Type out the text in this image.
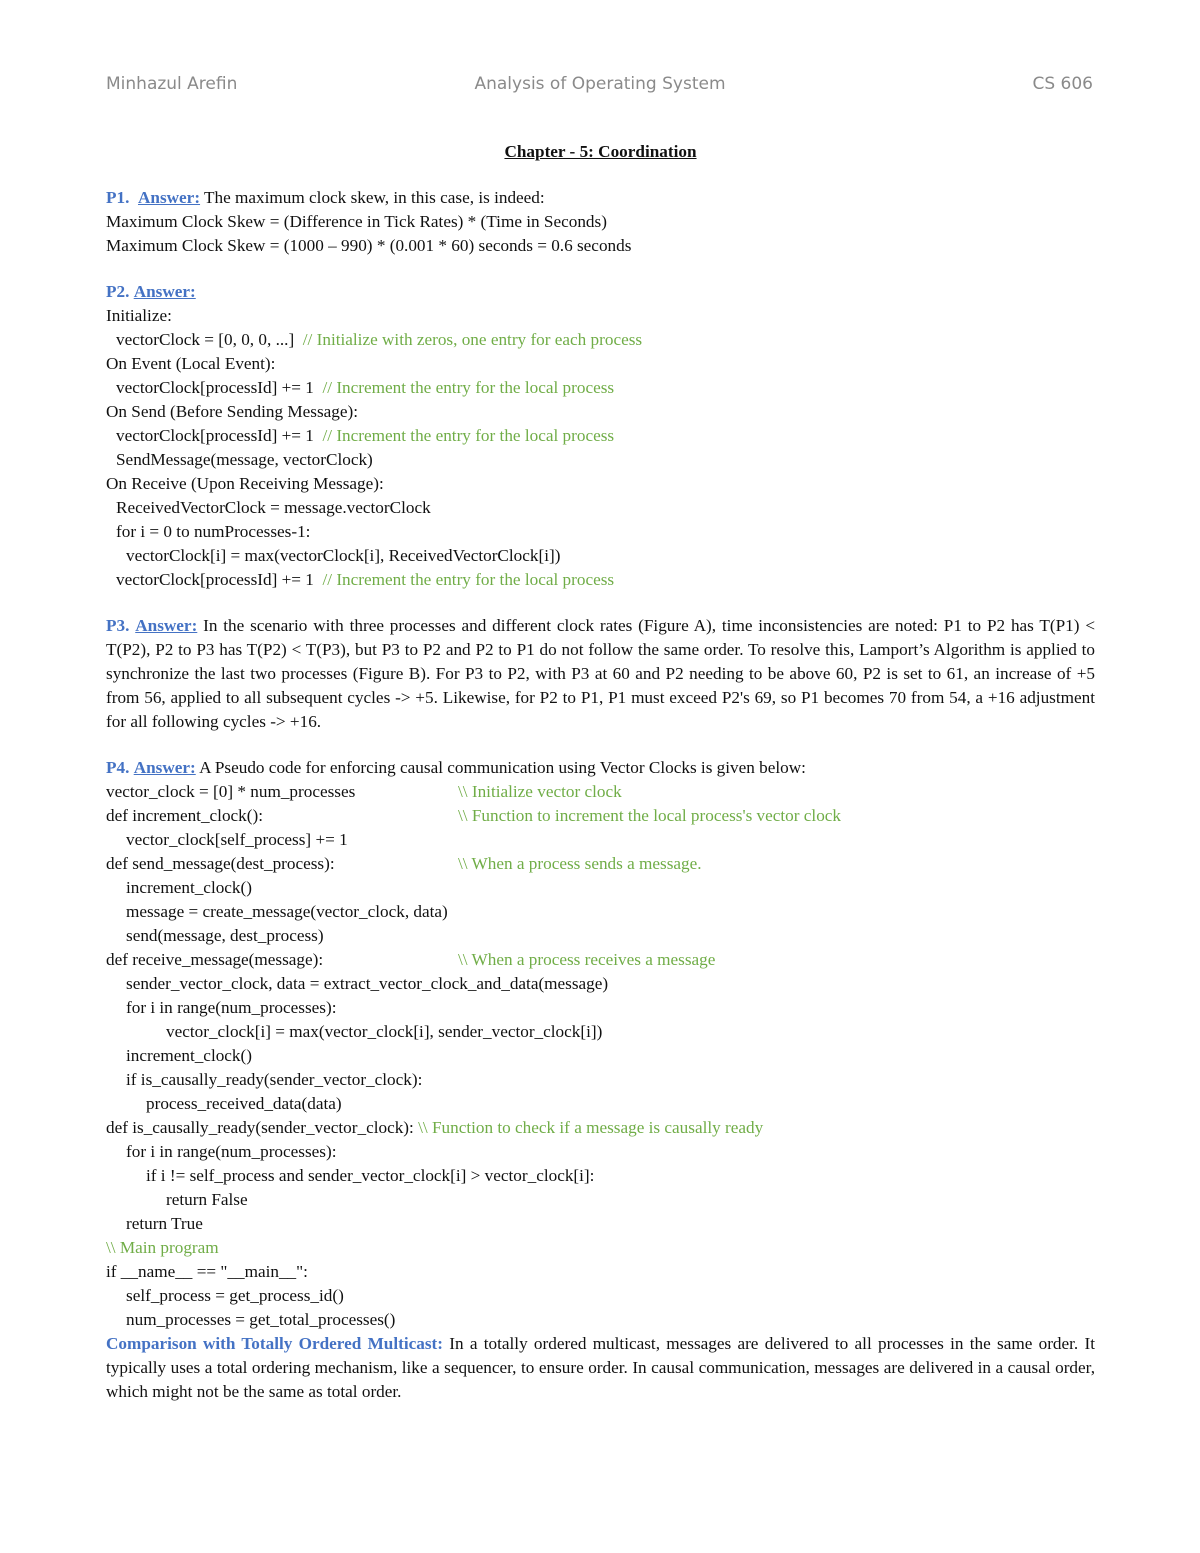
Minhazul Arefin	Analysis of Operating System	CS 606
Chapter - 5: Coordination
P1. Answer: The maximum clock skew, in this case, is indeed:
Maximum Clock Skew = (Difference in Tick Rates) * (Time in Seconds)
Maximum Clock Skew = (1000 – 990) * (0.001 * 60) seconds = 0.6 seconds
P2. Answer:
Initialize:
vectorClock = [0, 0, 0, ...]  // Initialize with zeros, one entry for each process
On Event (Local Event):
vectorClock[processId] += 1  // Increment the entry for the local process
On Send (Before Sending Message):
vectorClock[processId] += 1  // Increment the entry for the local process
SendMessage(message, vectorClock)
On Receive (Upon Receiving Message):
ReceivedVectorClock = message.vectorClock
for i = 0 to numProcesses-1:
vectorClock[i] = max(vectorClock[i], ReceivedVectorClock[i])
vectorClock[processId] += 1  // Increment the entry for the local process
P3. Answer: In the scenario with three processes and different clock rates (Figure A), time inconsistencies are noted: P1 to P2 has T(P1) < T(P2), P2 to P3 has T(P2) < T(P3), but P3 to P2 and P2 to P1 do not follow the same order. To resolve this, Lamport’s Algorithm is applied to synchronize the last two processes (Figure B). For P3 to P2, with P3 at 60 and P2 needing to be above 60, P2 is set to 61, an increase of +5 from 56, applied to all subsequent cycles -> +5. Likewise, for P2 to P1, P1 must exceed P2's 69, so P1 becomes 70 from 54, a +16 adjustment for all following cycles -> +16.
P4. Answer: A Pseudo code for enforcing causal communication using Vector Clocks is given below:
vector_clock = [0] * num_processes	\\ Initialize vector clock
def increment_clock():	\\ Function to increment the local process's vector clock
vector_clock[self_process] += 1
def send_message(dest_process):	\\ When a process sends a message.
increment_clock()
message = create_message(vector_clock, data)
send(message, dest_process)
def receive_message(message):	\\ When a process receives a message
sender_vector_clock, data = extract_vector_clock_and_data(message)
for i in range(num_processes):
vector_clock[i] = max(vector_clock[i], sender_vector_clock[i])
increment_clock()
if is_causally_ready(sender_vector_clock):
process_received_data(data)
def is_causally_ready(sender_vector_clock): \\ Function to check if a message is causally ready
for i in range(num_processes):
if i != self_process and sender_vector_clock[i] > vector_clock[i]:
return False
return True
\\ Main program
if __name__ == "__main__":
self_process = get_process_id()
num_processes = get_total_processes()
Comparison with Totally Ordered Multicast: In a totally ordered multicast, messages are delivered to all processes in the same order. It typically uses a total ordering mechanism, like a sequencer, to ensure order. In causal communication, messages are delivered in a causal order, which might not be the same as total order.
